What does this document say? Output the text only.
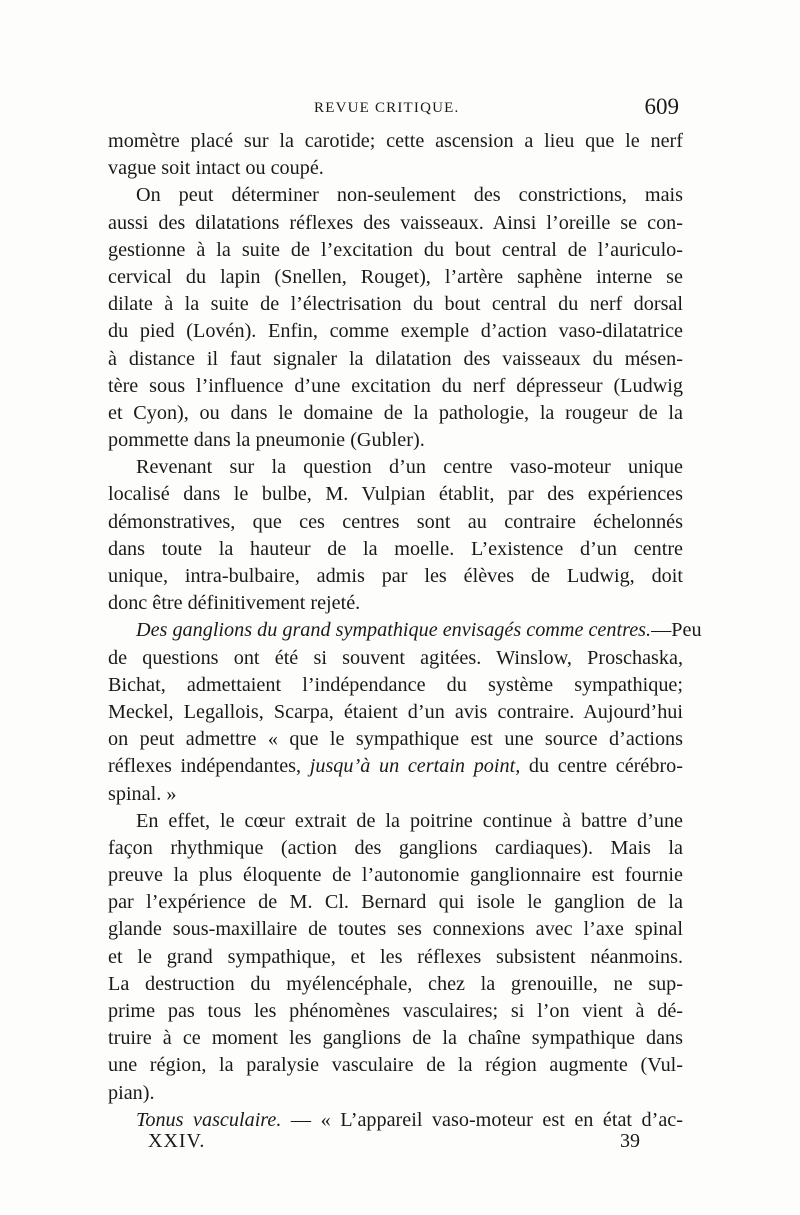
REVUE CRITIQUE.	609
momètre placé sur la carotide; cette ascension a lieu que le nerf
vague soit intact ou coupé.
On peut déterminer non-seulement des constrictions, mais
aussi des dilatations réflexes des vaisseaux. Ainsi l’oreille se con-
gestionne à la suite de l’excitation du bout central de l’auriculo-
cervical du lapin (Snellen, Rouget), l’artère saphène interne se
dilate à la suite de l’électrisation du bout central du nerf dorsal
du pied (Lovén). Enfin, comme exemple d’action vaso-dilatatrice
à distance il faut signaler la dilatation des vaisseaux du mésen-
tère sous l’influence d’une excitation du nerf dépresseur (Ludwig
et Cyon), ou dans le domaine de la pathologie, la rougeur de la
pommette dans la pneumonie (Gubler).
Revenant sur la question d’un centre vaso-moteur unique
localisé dans le bulbe, M. Vulpian établit, par des expériences
démonstratives, que ces centres sont au contraire échelonnés
dans toute la hauteur de la moelle. L’existence d’un centre
unique, intra-bulbaire, admis par les élèves de Ludwig, doit
donc être définitivement rejeté.
Des ganglions du grand sympathique envisagés comme centres.—Peu
de questions ont été si souvent agitées. Winslow, Proschaska,
Bichat, admettaient l’indépendance du système sympathique;
Meckel, Legallois, Scarpa, étaient d’un avis contraire. Aujourd’hui
on peut admettre « que le sympathique est une source d’actions
réflexes indépendantes, jusqu’à un certain point, du centre cérébro-
spinal. »
En effet, le cœur extrait de la poitrine continue à battre d’une
façon rhythmique (action des ganglions cardiaques). Mais la
preuve la plus éloquente de l’autonomie ganglionnaire est fournie
par l’expérience de M. Cl. Bernard qui isole le ganglion de la
glande sous-maxillaire de toutes ses connexions avec l’axe spinal
et le grand sympathique, et les réflexes subsistent néanmoins.
La destruction du myélencéphale, chez la grenouille, ne sup-
prime pas tous les phénomènes vasculaires; si l’on vient à dé-
truire à ce moment les ganglions de la chaîne sympathique dans
une région, la paralysie vasculaire de la région augmente (Vul-
pian).
Tonus vasculaire. — « L’appareil vaso-moteur est en état d’ac-
XXIV.	39
